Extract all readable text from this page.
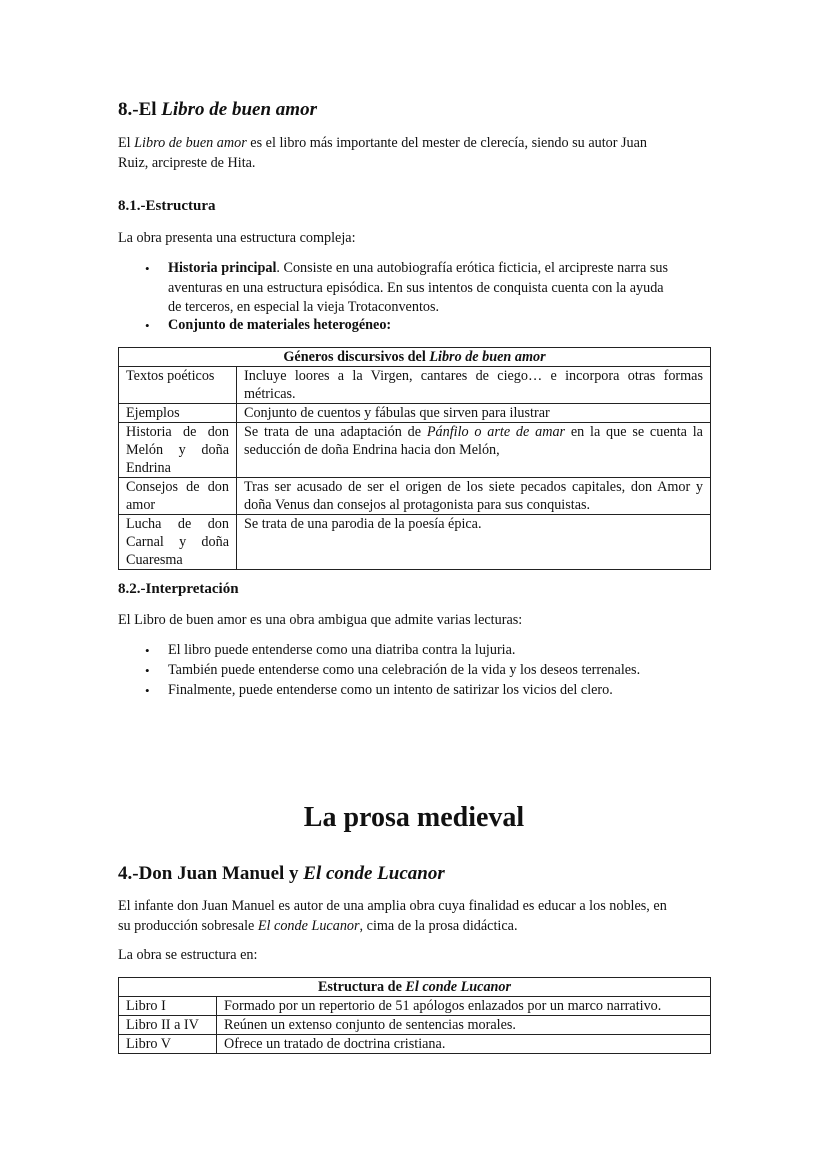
8.-El Libro de buen amor
El Libro de buen amor es el libro más importante del mester de clerecía, siendo su autor Juan
Ruiz, arcipreste de Hita.
8.1.-Estructura
La obra presenta una estructura compleja:
• Historia principal. Consiste en una autobiografía erótica ficticia, el arcipreste narra sus
aventuras en una estructura episódica. En sus intentos de conquista cuenta con la ayuda
de terceros, en especial la vieja Trotaconventos.
• Conjunto de materiales heterogéneo:
Géneros discursivos del Libro de buen amor	
Textos poéticos	Incluye loores a la Virgen, cantares de ciego… e incorpora otras formas métricas.
Ejemplos	Conjunto de cuentos y fábulas que sirven para ilustrar
Historia de don Melón y doña Endrina	Se trata de una adaptación de Pánfilo o arte de amar en la que se cuenta la seducción de doña Endrina hacia don Melón,
Consejos de don amor	Tras ser acusado de ser el origen de los siete pecados capitales, don Amor y doña Venus dan consejos al protagonista para sus conquistas.
Lucha de don Carnal y doña Cuaresma	Se trata de una parodia de la poesía épica.
8.2.-Interpretación
El Libro de buen amor es una obra ambigua que admite varias lecturas:
• El libro puede entenderse como una diatriba contra la lujuria.
• También puede entenderse como una celebración de la vida y los deseos terrenales.
• Finalmente, puede entenderse como un intento de satirizar los vicios del clero.
La prosa medieval
4.-Don Juan Manuel y El conde Lucanor
El infante don Juan Manuel es autor de una amplia obra cuya finalidad es educar a los nobles, en
su producción sobresale El conde Lucanor, cima de la prosa didáctica.
La obra se estructura en:
Estructura de El conde Lucanor	
Libro I	Formado por un repertorio de 51 apólogos enlazados por un marco narrativo.
Libro II a IV	Reúnen un extenso conjunto de sentencias morales.
Libro V	Ofrece un tratado de doctrina cristiana.
